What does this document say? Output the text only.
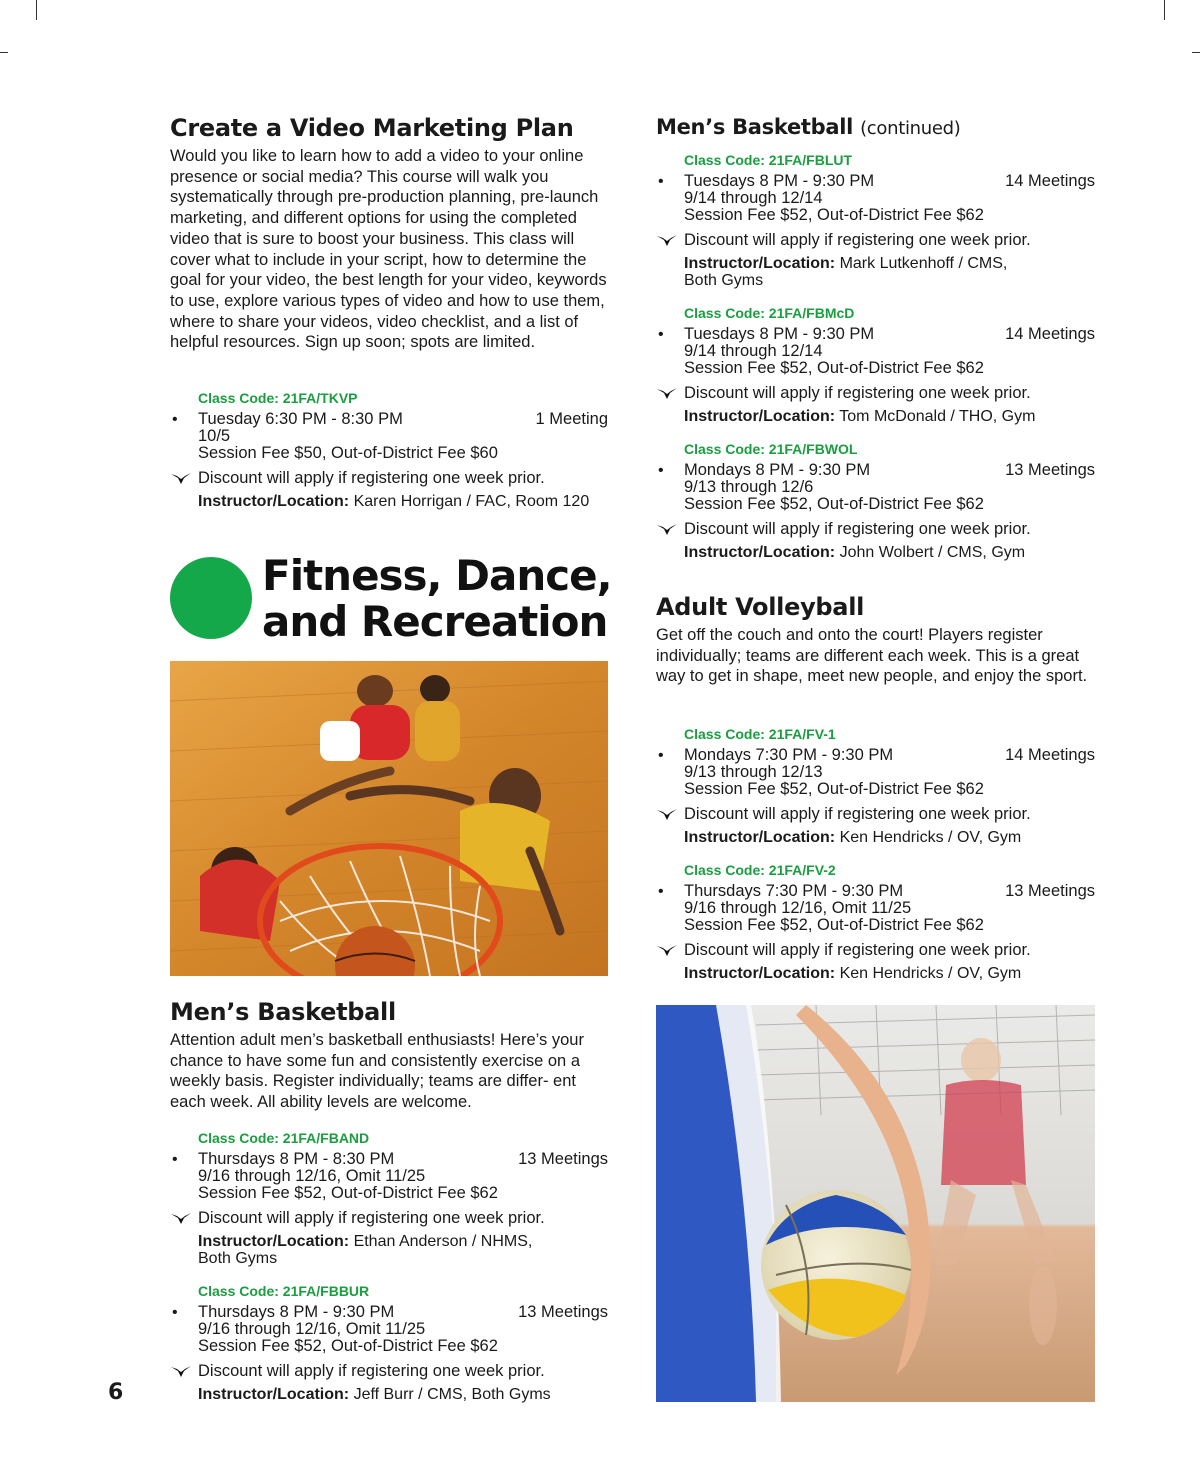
Create a Video Marketing Plan

Would you like to learn how to add a video to your online presence or social media? This course will walk you systematically through pre-production planning, pre-launch marketing, and different options for using the completed video that is sure to boost your business. This class will cover what to include in your script, how to determine the goal for your video, the best length for your video, keywords to use, explore various types of video and how to use them, where to share your videos, video checklist, and a list of helpful resources. Sign up soon; spots are limited.

Class Code: 21FA/TKVP
• Tuesday 6:30 PM - 8:30 PM	1 Meeting
10/5
Session Fee $50, Out-of-District Fee $60
Discount will apply if registering one week prior.
Instructor/Location: Karen Horrigan / FAC, Room 120
Men’s Basketball

Attention adult men’s basketball enthusiasts! Here’s your chance to have some fun and consistently exercise on a weekly basis. Register individually; teams are differ- ent each week. All ability levels are welcome.

Class Code: 21FA/FBAND
• Thursdays 8 PM - 8:30 PM	13 Meetings
9/16 through 12/16, Omit 11/25
Session Fee $52, Out-of-District Fee $62
Discount will apply if registering one week prior.
Instructor/Location: Ethan Anderson / NHMS, Both Gyms
Class Code: 21FA/FBBUR
• Thursdays 8 PM - 9:30 PM	13 Meetings
9/16 through 12/16, Omit 11/25
Session Fee $52, Out-of-District Fee $62
Discount will apply if registering one week prior.
Instructor/Location: Jeff Burr / CMS, Both Gyms
Fitness, Dance,
and Recreation
Men’s Basketball (continued)
Class Code: 21FA/FBLUT
• Tuesdays 8 PM - 9:30 PM	14 Meetings
9/14 through 12/14
Session Fee $52, Out-of-District Fee $62
Discount will apply if registering one week prior.
Instructor/Location: Mark Lutkenhoff / CMS, Both Gyms
Class Code: 21FA/FBMcD
• Tuesdays 8 PM - 9:30 PM	14 Meetings
9/14 through 12/14
Session Fee $52, Out-of-District Fee $62
Discount will apply if registering one week prior.
Instructor/Location: Tom McDonald / THO, Gym
Class Code: 21FA/FBWOL
• Mondays 8 PM - 9:30 PM	13 Meetings
9/13 through 12/6
Session Fee $52, Out-of-District Fee $62
Discount will apply if registering one week prior.
Instructor/Location: John Wolbert / CMS, Gym
Adult Volleyball

Get off the couch and onto the court! Players register individually; teams are different each week. This is a great way to get in shape, meet new people, and enjoy the sport.

Class Code: 21FA/FV-1
• Mondays 7:30 PM - 9:30 PM	14 Meetings
9/13 through 12/13
Session Fee $52, Out-of-District Fee $62
Discount will apply if registering one week prior.
Instructor/Location: Ken Hendricks / OV, Gym
Class Code: 21FA/FV-2
• Thursdays 7:30 PM - 9:30 PM	13 Meetings
9/16 through 12/16, Omit 11/25
Session Fee $52, Out-of-District Fee $62
Discount will apply if registering one week prior.
Instructor/Location: Ken Hendricks / OV, Gym
6
